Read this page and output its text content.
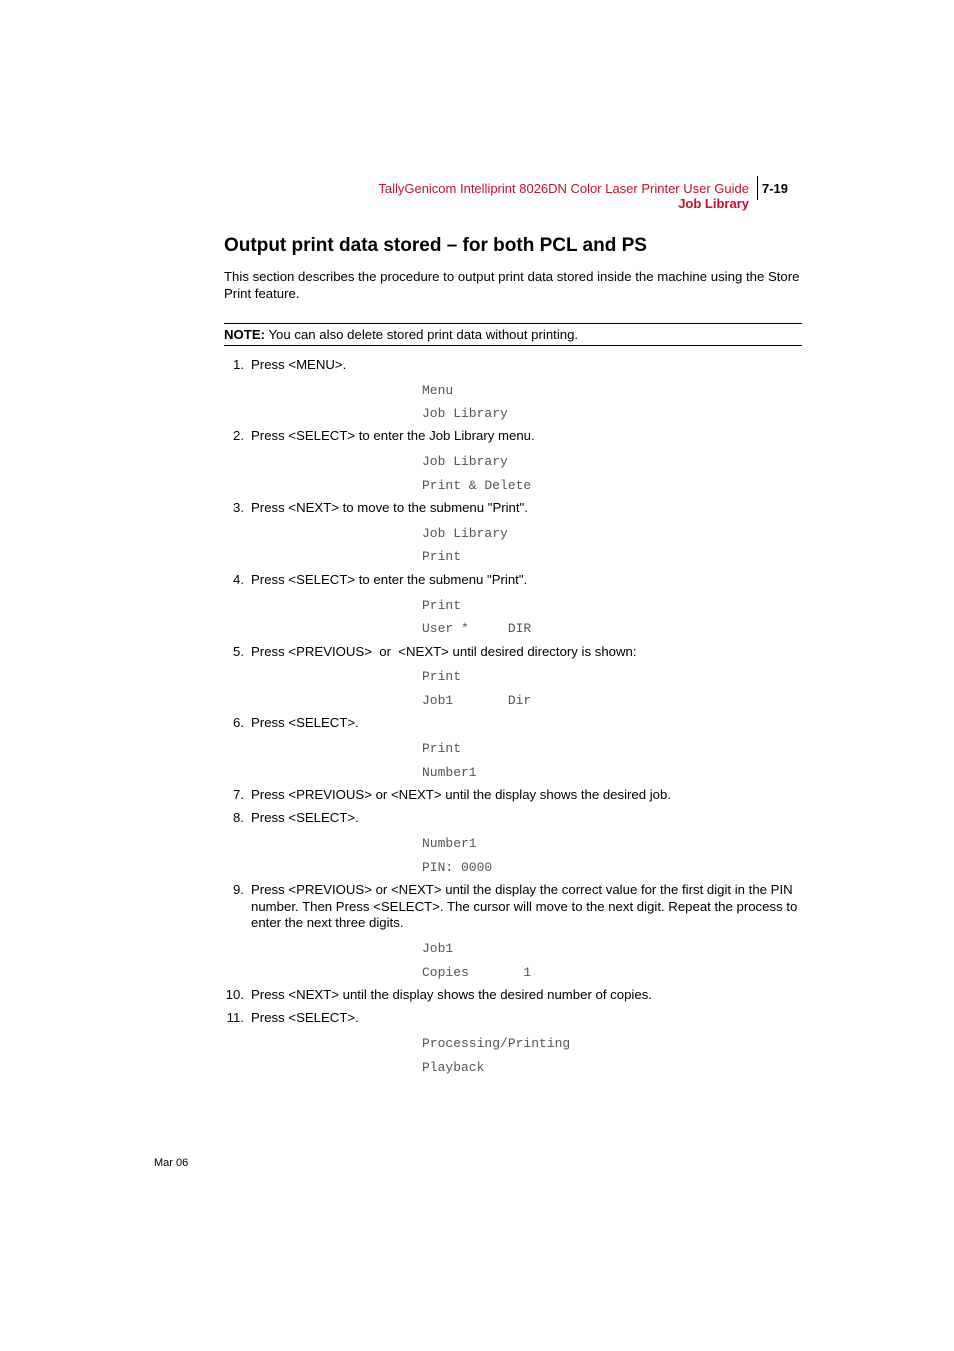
TallyGenicom Intelliprint 8026DN Color Laser Printer User Guide
Job Library
7-19
Output print data stored – for both PCL and PS
This section describes the procedure to output print data stored inside the machine using the Store Print feature.
NOTE: You can also delete stored print data without printing.
1. Press <MENU>.
2. Press <SELECT> to enter the Job Library menu.
3. Press <NEXT> to move to the submenu "Print".
4. Press <SELECT> to enter the submenu "Print".
5. Press <PREVIOUS>  or  <NEXT> until desired directory is shown:
6. Press <SELECT>.
7. Press <PREVIOUS> or <NEXT> until the display shows the desired job.
8. Press <SELECT>.
9. Press <PREVIOUS> or <NEXT> until the display the correct value for the first digit in the PIN number. Then Press <SELECT>. The cursor will move to the next digit. Repeat the process to enter the next three digits.
10. Press <NEXT> until the display shows the desired number of copies.
11. Press <SELECT>.
Menu
Job Library
Job Library
Print & Delete
Job Library
Print
Print
User *     DIR
Print
Job1       Dir
Print
Number1
Number1
PIN: 0000
Job1
Copies       1
Processing/Printing
Playback
Mar 06
